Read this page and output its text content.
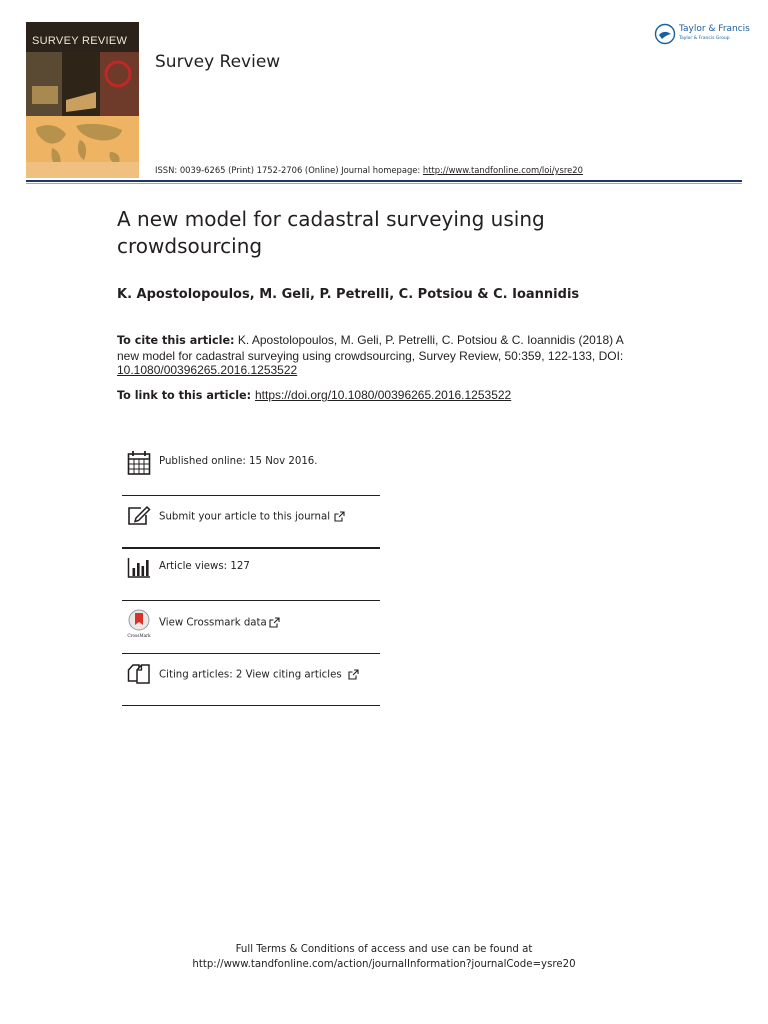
SURVEY REVIEW
Survey Review
ISSN: 0039-6265 (Print) 1752-2706 (Online) Journal homepage: http://www.tandfonline.com/loi/ysre20
Taylor & Francis
Taylor & Francis Group
A new model for cadastral surveying using crowdsourcing
K. Apostolopoulos, M. Geli, P. Petrelli, C. Potsiou & C. Ioannidis
To cite this article: K. Apostolopoulos, M. Geli, P. Petrelli, C. Potsiou & C. Ioannidis (2018) A new model for cadastral surveying using crowdsourcing, Survey Review, 50:359, 122-133, DOI: 10.1080/00396265.2016.1253522
To link to this article: https://doi.org/10.1080/00396265.2016.1253522
Published online: 15 Nov 2016.
Submit your article to this journal
Article views: 127
CrossMark
View Crossmark data
Citing articles: 2 View citing articles
Full Terms & Conditions of access and use can be found at
http://www.tandfonline.com/action/journalInformation?journalCode=ysre20
